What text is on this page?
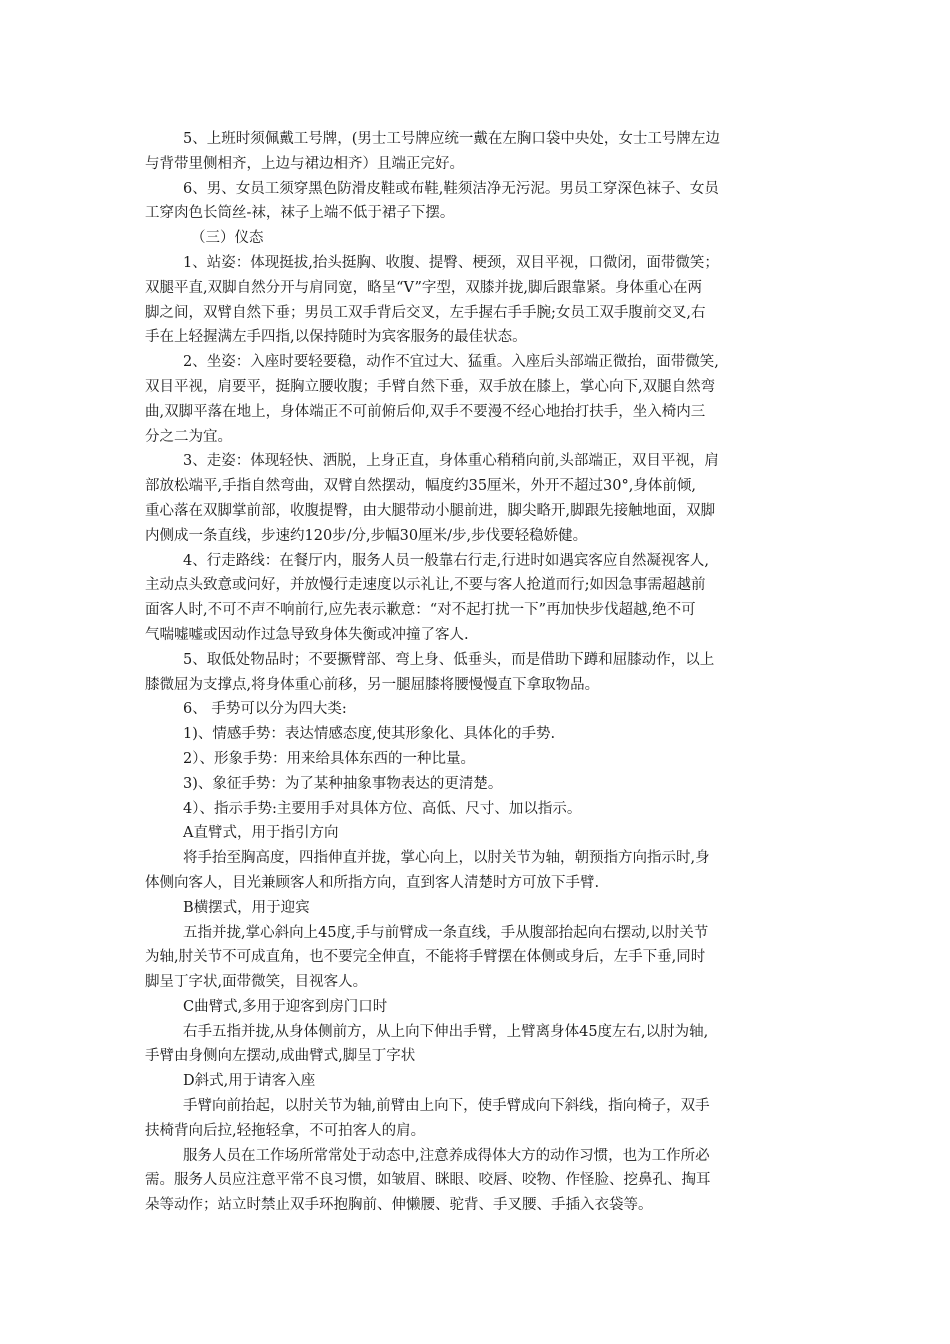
5、上班时须佩戴工号牌，(男士工号牌应统一戴在左胸口袋中央处，女士工号牌左边
与背带里侧相齐，上边与裙边相齐）且端正完好。
6、男、女员工须穿黑色防滑皮鞋或布鞋,鞋须洁净无污泥。男员工穿深色袜子、女员
工穿肉色长筒丝-袜，袜子上端不低于裙子下摆。
（三）仪态
1、站姿：体现挺拔,抬头挺胸、收腹、提臀、梗颈，双目平视，口微闭，面带微笑；
双腿平直,双脚自然分开与肩同宽，略呈“V”字型，双膝并拢,脚后跟靠紧。身体重心在两
脚之间，双臂自然下垂；男员工双手背后交叉，左手握右手手腕;女员工双手腹前交叉,右
手在上轻握满左手四指,以保持随时为宾客服务的最佳状态。
2、坐姿：入座时要轻要稳，动作不宜过大、猛重。入座后头部端正微抬，面带微笑,
双目平视，肩要平，挺胸立腰收腹；手臂自然下垂，双手放在膝上，掌心向下,双腿自然弯
曲,双脚平落在地上，身体端正不可前俯后仰,双手不要漫不经心地抬打扶手，坐入椅内三
分之二为宜。
3、走姿：体现轻快、洒脱，上身正直，身体重心稍稍向前,头部端正，双目平视，肩
部放松端平,手指自然弯曲，双臂自然摆动，幅度约35厘米，外开不超过30°,身体前倾,
重心落在双脚掌前部，收腹提臀，由大腿带动小腿前进，脚尖略开,脚跟先接触地面，双脚
内侧成一条直线，步速约120步/分,步幅30厘米/步,步伐要轻稳娇健。
4、行走路线：在餐厅内，服务人员一般靠右行走,行进时如遇宾客应自然凝视客人,
主动点头致意或问好，并放慢行走速度以示礼让,不要与客人抢道而行;如因急事需超越前
面客人时,不可不声不响前行,应先表示歉意：“对不起打扰一下”再加快步伐超越,绝不可
气喘嘘嘘或因动作过急导致身体失衡或冲撞了客人.
5、取低处物品时；不要撅臂部、弯上身、低垂头，而是借助下蹲和屈膝动作，以上
膝微屈为支撑点,将身体重心前移，另一腿屈膝将腰慢慢直下拿取物品。
6、 手势可以分为四大类:
1)、情感手势：表达情感态度,使其形象化、具体化的手势.
2）、形象手势：用来给具体东西的一种比量。
3)、象征手势：为了某种抽象事物表达的更清楚。
4）、指示手势:主要用手对具体方位、高低、尺寸、加以指示。
A直臂式，用于指引方向
将手抬至胸高度，四指伸直并拢，掌心向上，以肘关节为轴，朝预指方向指示时,身
体侧向客人，目光兼顾客人和所指方向，直到客人清楚时方可放下手臂.
B横摆式，用于迎宾
五指并拢,掌心斜向上45度,手与前臂成一条直线，手从腹部抬起向右摆动,以肘关节
为轴,肘关节不可成直角，也不要完全伸直，不能将手臂摆在体侧或身后，左手下垂,同时
脚呈丁字状,面带微笑，目视客人。
C曲臂式,多用于迎客到房门口时
右手五指并拢,从身体侧前方，从上向下伸出手臂，上臂离身体45度左右,以肘为轴,
手臂由身侧向左摆动,成曲臂式,脚呈丁字状
D斜式,用于请客入座
手臂向前抬起，以肘关节为轴,前臂由上向下，使手臂成向下斜线，指向椅子，双手
扶椅背向后拉,轻拖轻拿，不可拍客人的肩。
服务人员在工作场所常常处于动态中,注意养成得体大方的动作习惯，也为工作所必
需。服务人员应注意平常不良习惯，如皱眉、眯眼、咬唇、咬物、作怪脸、挖鼻孔、掏耳
朵等动作；站立时禁止双手环抱胸前、伸懒腰、驼背、手叉腰、手插入衣袋等。
